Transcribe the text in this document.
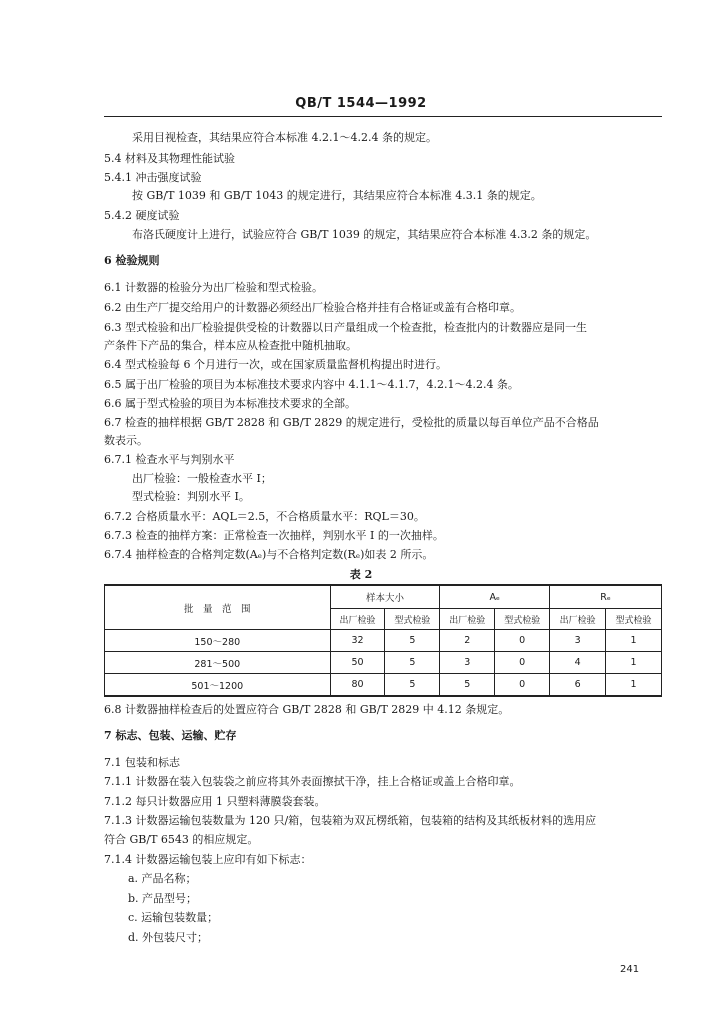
QB/T 1544—1992
采用目视检查，其结果应符合本标准 4.2.1～4.2.4 条的规定。
5.4 材料及其物理性能试验
5.4.1 冲击强度试验
按 GB/T 1039 和 GB/T 1043 的规定进行，其结果应符合本标准 4.3.1 条的规定。
5.4.2 硬度试验
布洛氏硬度计上进行，试验应符合 GB/T 1039 的规定，其结果应符合本标准 4.3.2 条的规定。
6 检验规则
6.1 计数器的检验分为出厂检验和型式检验。
6.2 由生产厂提交给用户的计数器必须经出厂检验合格并挂有合格证或盖有合格印章。
6.3 型式检验和出厂检验提供受检的计数器以日产量组成一个检查批，检查批内的计数器应是同一生
产条件下产品的集合，样本应从检查批中随机抽取。
6.4 型式检验每 6 个月进行一次，或在国家质量监督机构提出时进行。
6.5 属于出厂检验的项目为本标准技术要求内容中 4.1.1～4.1.7，4.2.1～4.2.4 条。
6.6 属于型式检验的项目为本标准技术要求的全部。
6.7 检查的抽样根据 GB/T 2828 和 GB/T 2829 的规定进行，受检批的质量以每百单位产品不合格品
数表示。
6.7.1 检查水平与判别水平
出厂检验：一般检查水平 Ⅰ；
型式检验：判别水平 Ⅰ。
6.7.2 合格质量水平：AQL＝2.5，不合格质量水平：RQL＝30。
6.7.3 检查的抽样方案：正常检查一次抽样，判别水平 Ⅰ 的一次抽样。
6.7.4 抽样检查的合格判定数(Aₑ)与不合格判定数(Rₑ)如表 2 所示。
表 2
批　量　范　围	样本大小		Aₑ		Rₑ	
	出厂检验	型式检验	出厂检验	型式检验	出厂检验	型式检验
150～280	32	5	2	0	3	1
281～500	50	5	3	0	4	1
501～1200	80	5	5	0	6	1
6.8 计数器抽样检查后的处置应符合 GB/T 2828 和 GB/T 2829 中 4.12 条规定。
7 标志、包装、运输、贮存
7.1 包装和标志
7.1.1 计数器在装入包装袋之前应将其外表面擦拭干净，挂上合格证或盖上合格印章。
7.1.2 每只计数器应用 1 只塑料薄膜袋套装。
7.1.3 计数器运输包装数量为 120 只/箱，包装箱为双瓦楞纸箱，包装箱的结构及其纸板材料的选用应
符合 GB/T 6543 的相应规定。
7.1.4 计数器运输包装上应印有如下标志：
a. 产品名称；
b. 产品型号；
c. 运输包装数量；
d. 外包装尺寸；
241
